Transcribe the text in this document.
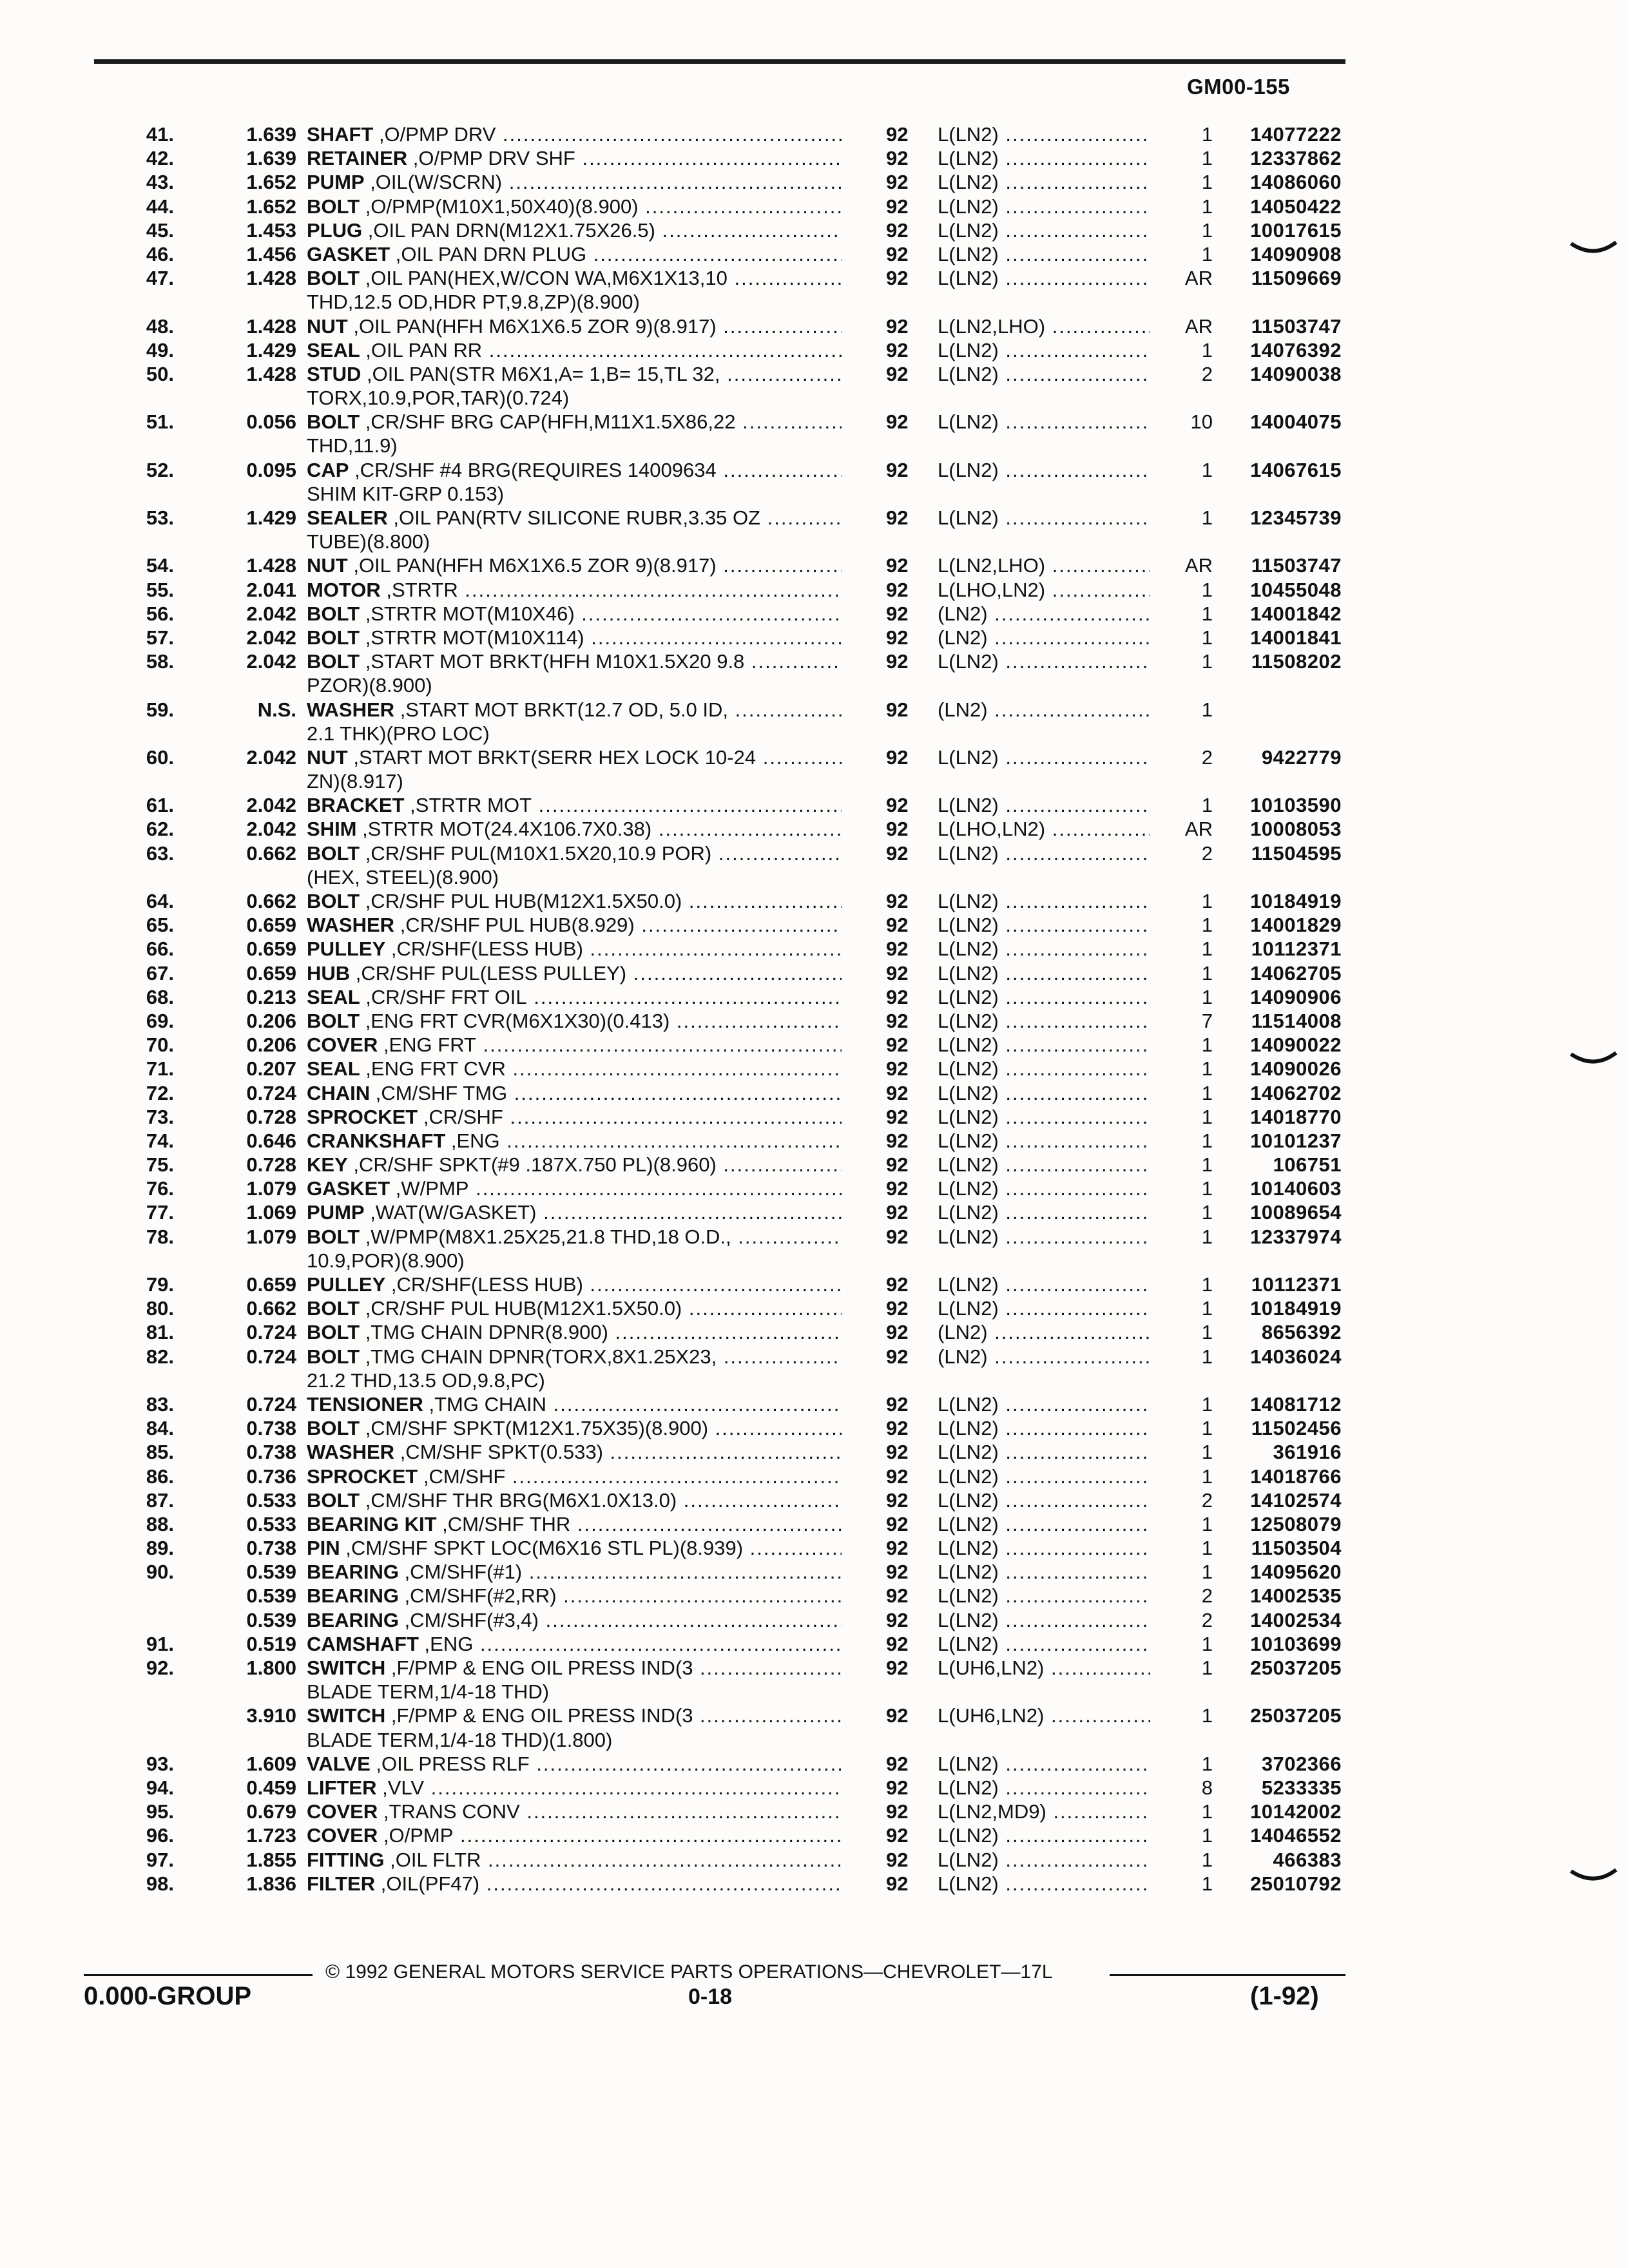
GM00-155
41.	1.639 SHAFT ,O/PMP DRV .....	92 L(LN2) .....	1 14077222
42.	1.639 RETAINER ,O/PMP DRV SHF .....	92 L(LN2) .....	1 12337862
43.	1.652 PUMP ,OIL(W/SCRN) .....	92 L(LN2) .....	1 14086060
44.	1.652 BOLT ,O/PMP(M10X1,50X40)(8.900) .....	92 L(LN2) .....	1 14050422
45.	1.453 PLUG ,OIL PAN DRN(M12X1.75X26.5) .....	92 L(LN2) .....	1 10017615
46.	1.456 GASKET ,OIL PAN DRN PLUG .....	92 L(LN2) .....	1 14090908
47.	1.428 BOLT ,OIL PAN(HEX,W/CON WA,M6X1X13,10 .....	92 L(LN2) .....	AR 11509669
THD,12.5 OD,HDR PT,9.8,ZP)(8.900)
48.	1.428 NUT ,OIL PAN(HFH M6X1X6.5 ZOR 9)(8.917) .....	92 L(LN2,LHO) .....	AR 11503747
49.	1.429 SEAL ,OIL PAN RR .....	92 L(LN2) .....	1 14076392
50.	1.428 STUD ,OIL PAN(STR M6X1,A= 1,B= 15,TL 32, .....	92 L(LN2) .....	2 14090038
TORX,10.9,POR,TAR)(0.724)
51.	0.056 BOLT ,CR/SHF BRG CAP(HFH,M11X1.5X86,22 .....	92 L(LN2) .....	10 14004075
THD,11.9)
52.	0.095 CAP ,CR/SHF #4 BRG(REQUIRES 14009634 .....	92 L(LN2) .....	1 14067615
SHIM KIT-GRP 0.153)
53.	1.429 SEALER ,OIL PAN(RTV SILICONE RUBR,3.35 OZ .....	92 L(LN2) .....	1 12345739
TUBE)(8.800)
54.	1.428 NUT ,OIL PAN(HFH M6X1X6.5 ZOR 9)(8.917) .....	92 L(LN2,LHO) .....	AR 11503747
55.	2.041 MOTOR ,STRTR .....	92 L(LHO,LN2) .....	1 10455048
56.	2.042 BOLT ,STRTR MOT(M10X46) .....	92 (LN2) .....	1 14001842
57.	2.042 BOLT ,STRTR MOT(M10X114) .....	92 (LN2) .....	1 14001841
58.	2.042 BOLT ,START MOT BRKT(HFH M10X1.5X20 9.8 .....	92 L(LN2) .....	1 11508202
PZOR)(8.900)
59.	N.S. WASHER ,START MOT BRKT(12.7 OD, 5.0 ID, .....	92 (LN2) .....	1
2.1 THK)(PRO LOC)
60.	2.042 NUT ,START MOT BRKT(SERR HEX LOCK 10-24 .....	92 L(LN2) .....	2 9422779
ZN)(8.917)
61.	2.042 BRACKET ,STRTR MOT .....	92 L(LN2) .....	1 10103590
62.	2.042 SHIM ,STRTR MOT(24.4X106.7X0.38) .....	92 L(LHO,LN2) .....	AR 10008053
63.	0.662 BOLT ,CR/SHF PUL(M10X1.5X20,10.9 POR) .....	92 L(LN2) .....	2 11504595
(HEX, STEEL)(8.900)
64.	0.662 BOLT ,CR/SHF PUL HUB(M12X1.5X50.0) .....	92 L(LN2) .....	1 10184919
65.	0.659 WASHER ,CR/SHF PUL HUB(8.929) .....	92 L(LN2) .....	1 14001829
66.	0.659 PULLEY ,CR/SHF(LESS HUB) .....	92 L(LN2) .....	1 10112371
67.	0.659 HUB ,CR/SHF PUL(LESS PULLEY) .....	92 L(LN2) .....	1 14062705
68.	0.213 SEAL ,CR/SHF FRT OIL .....	92 L(LN2) .....	1 14090906
69.	0.206 BOLT ,ENG FRT CVR(M6X1X30)(0.413) .....	92 L(LN2) .....	7 11514008
70.	0.206 COVER ,ENG FRT .....	92 L(LN2) .....	1 14090022
71.	0.207 SEAL ,ENG FRT CVR .....	92 L(LN2) .....	1 14090026
72.	0.724 CHAIN ,CM/SHF TMG .....	92 L(LN2) .....	1 14062702
73.	0.728 SPROCKET ,CR/SHF .....	92 L(LN2) .....	1 14018770
74.	0.646 CRANKSHAFT ,ENG .....	92 L(LN2) .....	1 10101237
75.	0.728 KEY ,CR/SHF SPKT(#9 .187X.750 PL)(8.960) .....	92 L(LN2) .....	1	106751
76.	1.079 GASKET ,W/PMP .....	92 L(LN2) .....	1 10140603
77.	1.069 PUMP ,WAT(W/GASKET) .....	92 L(LN2) .....	1 10089654
78.	1.079 BOLT ,W/PMP(M8X1.25X25,21.8 THD,18 O.D., .....	92 L(LN2) .....	1 12337974
10.9,POR)(8.900)
79.	0.659 PULLEY ,CR/SHF(LESS HUB) .....	92 L(LN2) .....	1 10112371
80.	0.662 BOLT ,CR/SHF PUL HUB(M12X1.5X50.0) .....	92 L(LN2) .....	1 10184919
81.	0.724 BOLT ,TMG CHAIN DPNR(8.900) .....	92 (LN2) .....	1 8656392
82.	0.724 BOLT ,TMG CHAIN DPNR(TORX,8X1.25X23, .....	92 (LN2) .....	1 14036024
21.2 THD,13.5 OD,9.8,PC)
83.	0.724 TENSIONER ,TMG CHAIN .....	92 L(LN2) .....	1 14081712
84.	0.738 BOLT ,CM/SHF SPKT(M12X1.75X35)(8.900) .....	92 L(LN2) .....	1 11502456
85.	0.738 WASHER ,CM/SHF SPKT(0.533) .....	92 L(LN2) .....	1	361916
86.	0.736 SPROCKET ,CM/SHF .....	92 L(LN2) .....	1 14018766
87.	0.533 BOLT ,CM/SHF THR BRG(M6X1.0X13.0) .....	92 L(LN2) .....	2 14102574
88.	0.533 BEARING KIT ,CM/SHF THR .....	92 L(LN2) .....	1 12508079
89.	0.738 PIN ,CM/SHF SPKT LOC(M6X16 STL PL)(8.939) .....	92 L(LN2) .....	1 11503504
90.	0.539 BEARING ,CM/SHF(#1) .....	92 L(LN2) .....	1 14095620
0.539 BEARING ,CM/SHF(#2,RR) .....	92 L(LN2) .....	2 14002535
0.539 BEARING ,CM/SHF(#3,4) .....	92 L(LN2) .....	2 14002534
91.	0.519 CAMSHAFT ,ENG .....	92 L(LN2) .....	1 10103699
92.	1.800 SWITCH ,F/PMP & ENG OIL PRESS IND(3 .....	92 L(UH6,LN2) .....	1 25037205
BLADE TERM,1/4-18 THD)
3.910 SWITCH ,F/PMP & ENG OIL PRESS IND(3 .....	92 L(UH6,LN2) .....	1 25037205
BLADE TERM,1/4-18 THD)(1.800)
93.	1.609 VALVE ,OIL PRESS RLF .....	92 L(LN2) .....	1 3702366
94.	0.459 LIFTER ,VLV .....	92 L(LN2) .....	8 5233335
95.	0.679 COVER ,TRANS CONV .....	92 L(LN2,MD9) .....	1 10142002
96.	1.723 COVER ,O/PMP .....	92 L(LN2) .....	1 14046552
97.	1.855 FITTING ,OIL FLTR .....	92 L(LN2) .....	1	466383
98.	1.836 FILTER ,OIL(PF47) .....	92 L(LN2) .....	1 25010792
© 1992 GENERAL MOTORS SERVICE PARTS OPERATIONS—CHEVROLET—17L
0.000-GROUP	0-18	(1-92)
